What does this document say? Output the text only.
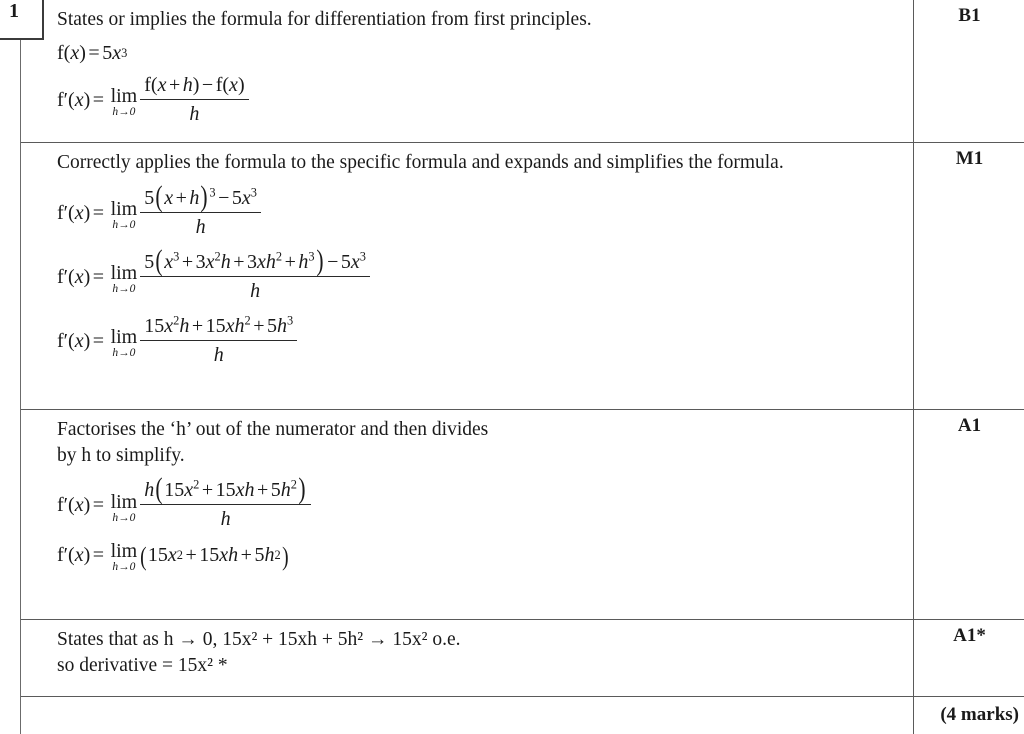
1 States or implies the formula for differentiation from first principles.

f ( x ) = 5 x 3
f ′ ( x ) = lim
$h\to 0 \frac{f(x + h) - f(x)}{h}$
B1

Correctly applies the formula to the specific formula and expands and simplifies the formula.

f ′ ( x ) = lim
$h\to 0 \frac{5(x + h)^3 - 5x^3}{h}$
f ′ ( x ) = lim
$h\to 0 \frac{5(x^3 + 3x^2h + 3xh^2 + h^3) - 5x^3}{h}$
f ′ ( x ) = lim
$h\to 0 \frac{15x^2h + 15xh^2 + 5h^3}{h}$
M1

Factorises the ‘h’ out of the numerator and then divides

by h to simplify.

f ′ ( x ) = lim
$h\to 0 \frac{h(15x^2 + 15xh + 5h^2)}{h}$
f ′ ( x ) = lim
h→0 ( 15 x 2 + 15 xh + 5 h 2 )
A1

States that as h → 0, 15x² + 15xh + 5h² → 15x² o.e.

so derivative = 15x² *

A1*
(4 marks)
